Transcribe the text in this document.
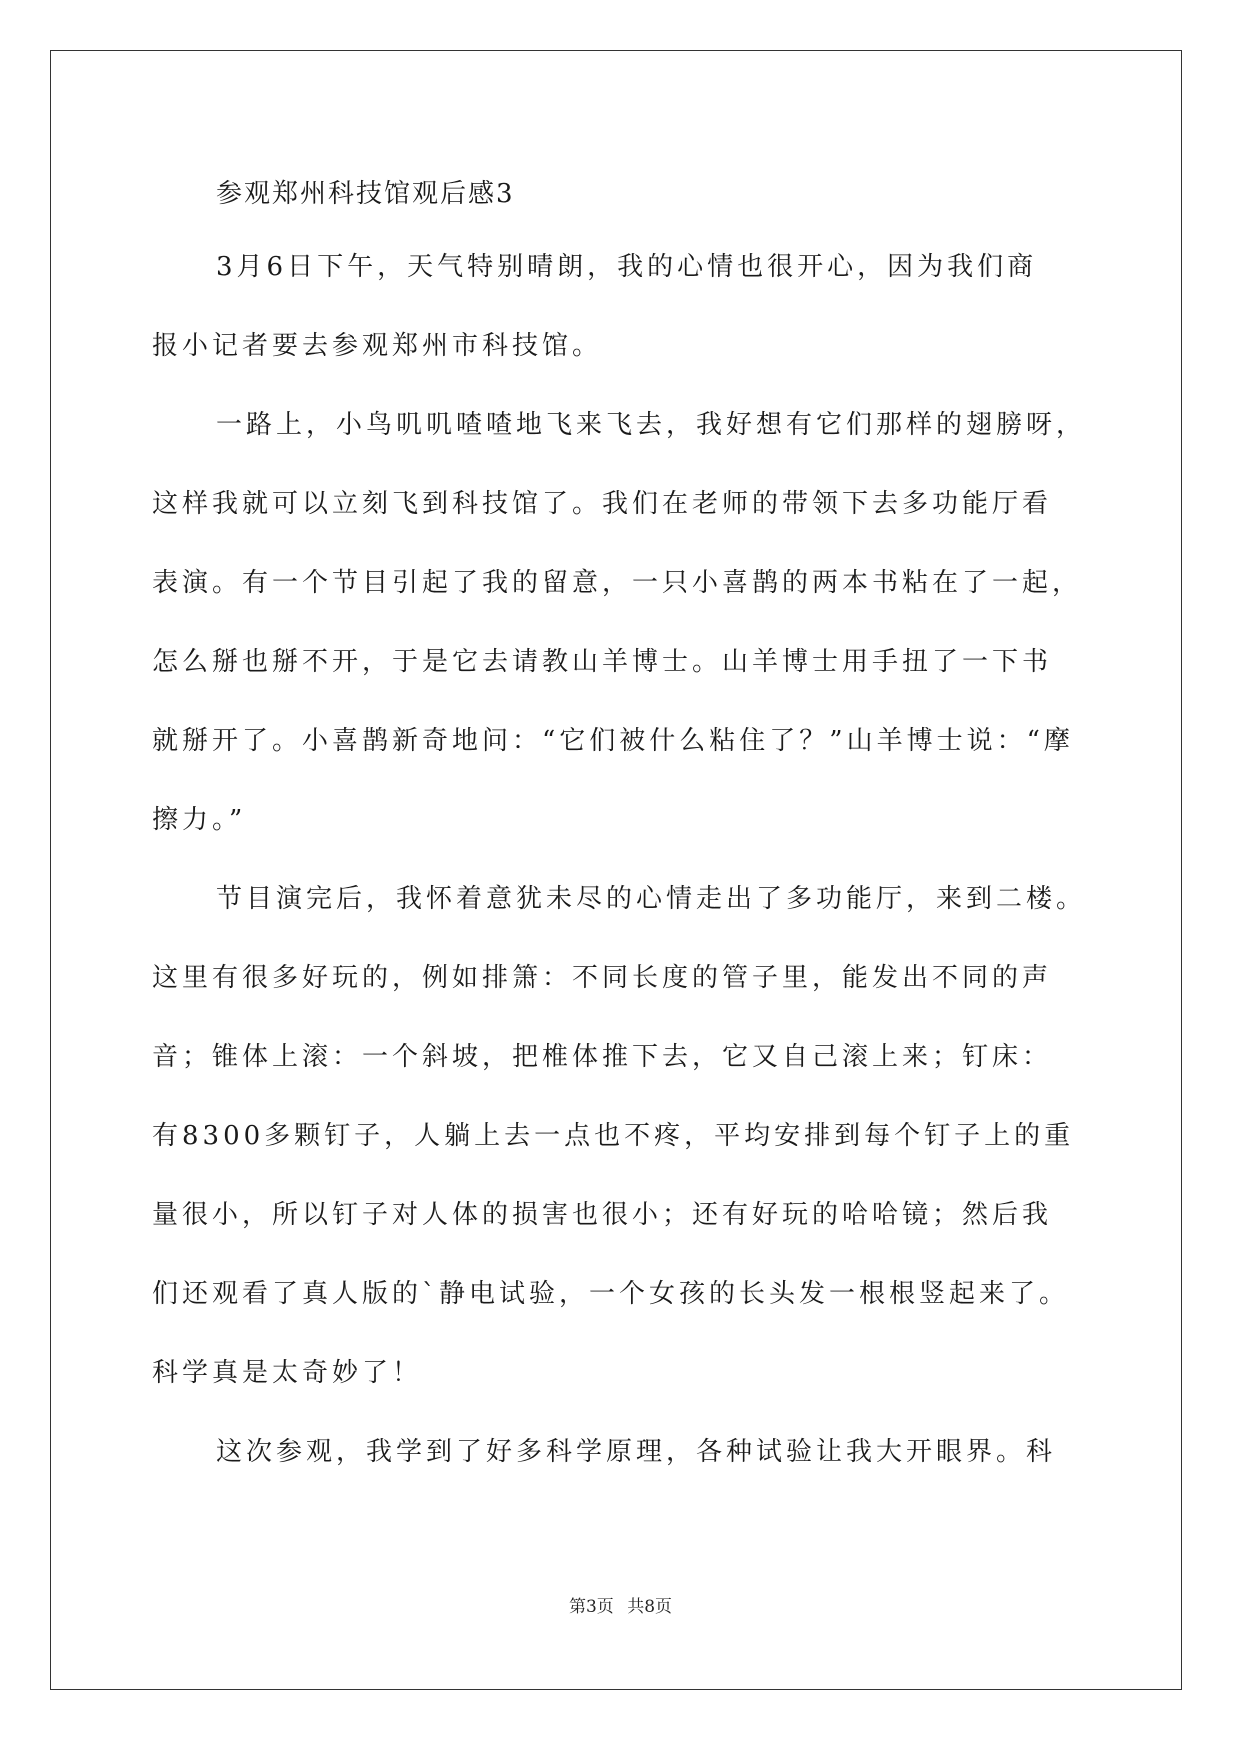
参观郑州科技馆观后感3
3月6日下午，天气特别晴朗，我的心情也很开心，因为我们商
报小记者要去参观郑州市科技馆。
一路上，小鸟叽叽喳喳地飞来飞去，我好想有它们那样的翅膀呀，
这样我就可以立刻飞到科技馆了。我们在老师的带领下去多功能厅看
表演。有一个节目引起了我的留意，一只小喜鹊的两本书粘在了一起，
怎么掰也掰不开，于是它去请教山羊博士。山羊博士用手扭了一下书
就掰开了。小喜鹊新奇地问：“它们被什么粘住了？”山羊博士说：“摩
擦力。”
节目演完后，我怀着意犹未尽的心情走出了多功能厅，来到二楼。
这里有很多好玩的，例如排箫：不同长度的管子里，能发出不同的声
音；锥体上滚：一个斜坡，把椎体推下去，它又自己滚上来；钉床：
有8300多颗钉子，人躺上去一点也不疼，平均安排到每个钉子上的重
量很小，所以钉子对人体的损害也很小；还有好玩的哈哈镜；然后我
们还观看了真人版的`静电试验，一个女孩的长头发一根根竖起来了。
科学真是太奇妙了！
这次参观，我学到了好多科学原理，各种试验让我大开眼界。科
第3页 共8页
